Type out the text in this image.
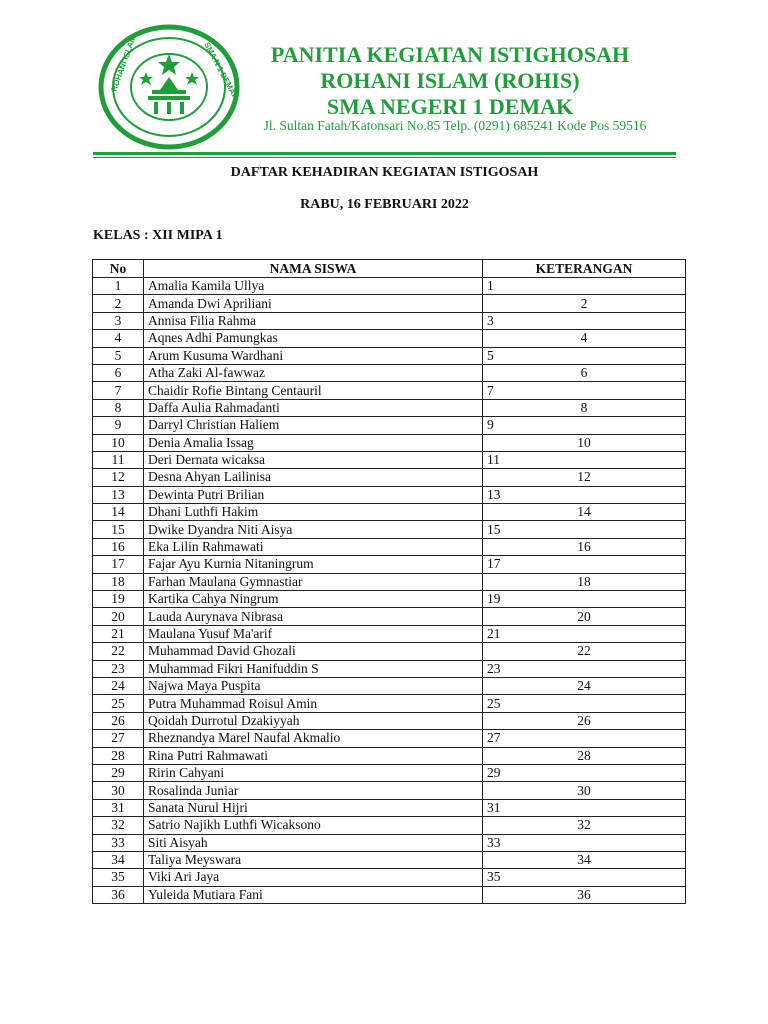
ROHANI ISLAM	SMA N 1 DEMAK	PANITIA KEGIATAN ISTIGHOSAH
ROHANI ISLAM (ROHIS)
SMA NEGERI 1 DEMAK
Jl. Sultan Fatah/Katonsari No.85 Telp. (0291) 685241 Kode Pos 59516
DAFTAR KEHADIRAN KEGIATAN ISTIGOSAH
RABU, 16 FEBRUARI 2022
KELAS : XII MIPA 1
No	NAMA SISWA	KETERANGAN
1	Amalia Kamila Ullya	1
2	Amanda Dwi Apriliani	2
3	Annisa Filia Rahma	3
4	Aqnes Adhi Pamungkas	4
5	Arum Kusuma Wardhani	5
6	Atha Zaki Al-fawwaz	6
7	Chaidir Rofie Bintang Centauril	7
8	Daffa Aulia Rahmadanti	8
9	Darryl Christian Haliem	9
10	Denia Amalia Issag	10
11	Deri Dernata wicaksa	11
12	Desna Ahyan Lailinisa	12
13	Dewinta Putri Brilian	13
14	Dhani Luthfi Hakim	14
15	Dwike Dyandra Niti Aisya	15
16	Eka Lilin Rahmawati	16
17	Fajar Ayu Kurnia Nitaningrum	17
18	Farhan Maulana Gymnastiar	18
19	Kartika Cahya Ningrum	19
20	Lauda Aurynava Nibrasa	20
21	Maulana Yusuf Ma'arif	21
22	Muhammad David Ghozali	22
23	Muhammad Fikri Hanifuddin S	23
24	Najwa Maya Puspita	24
25	Putra Muhammad Roisul Amin	25
26	Qoidah Durrotul Dzakiyyah	26
27	Rheznandya Marel Naufal Akmalio	27
28	Rina Putri Rahmawati	28
29	Ririn Cahyani	29
30	Rosalinda Juniar	30
31	Sanata Nurul Hijri	31
32	Satrio Najikh Luthfi Wicaksono	32
33	Siti Aisyah	33
34	Taliya Meyswara	34
35	Viki Ari Jaya	35
36	Yuleida Mutiara Fani	36
